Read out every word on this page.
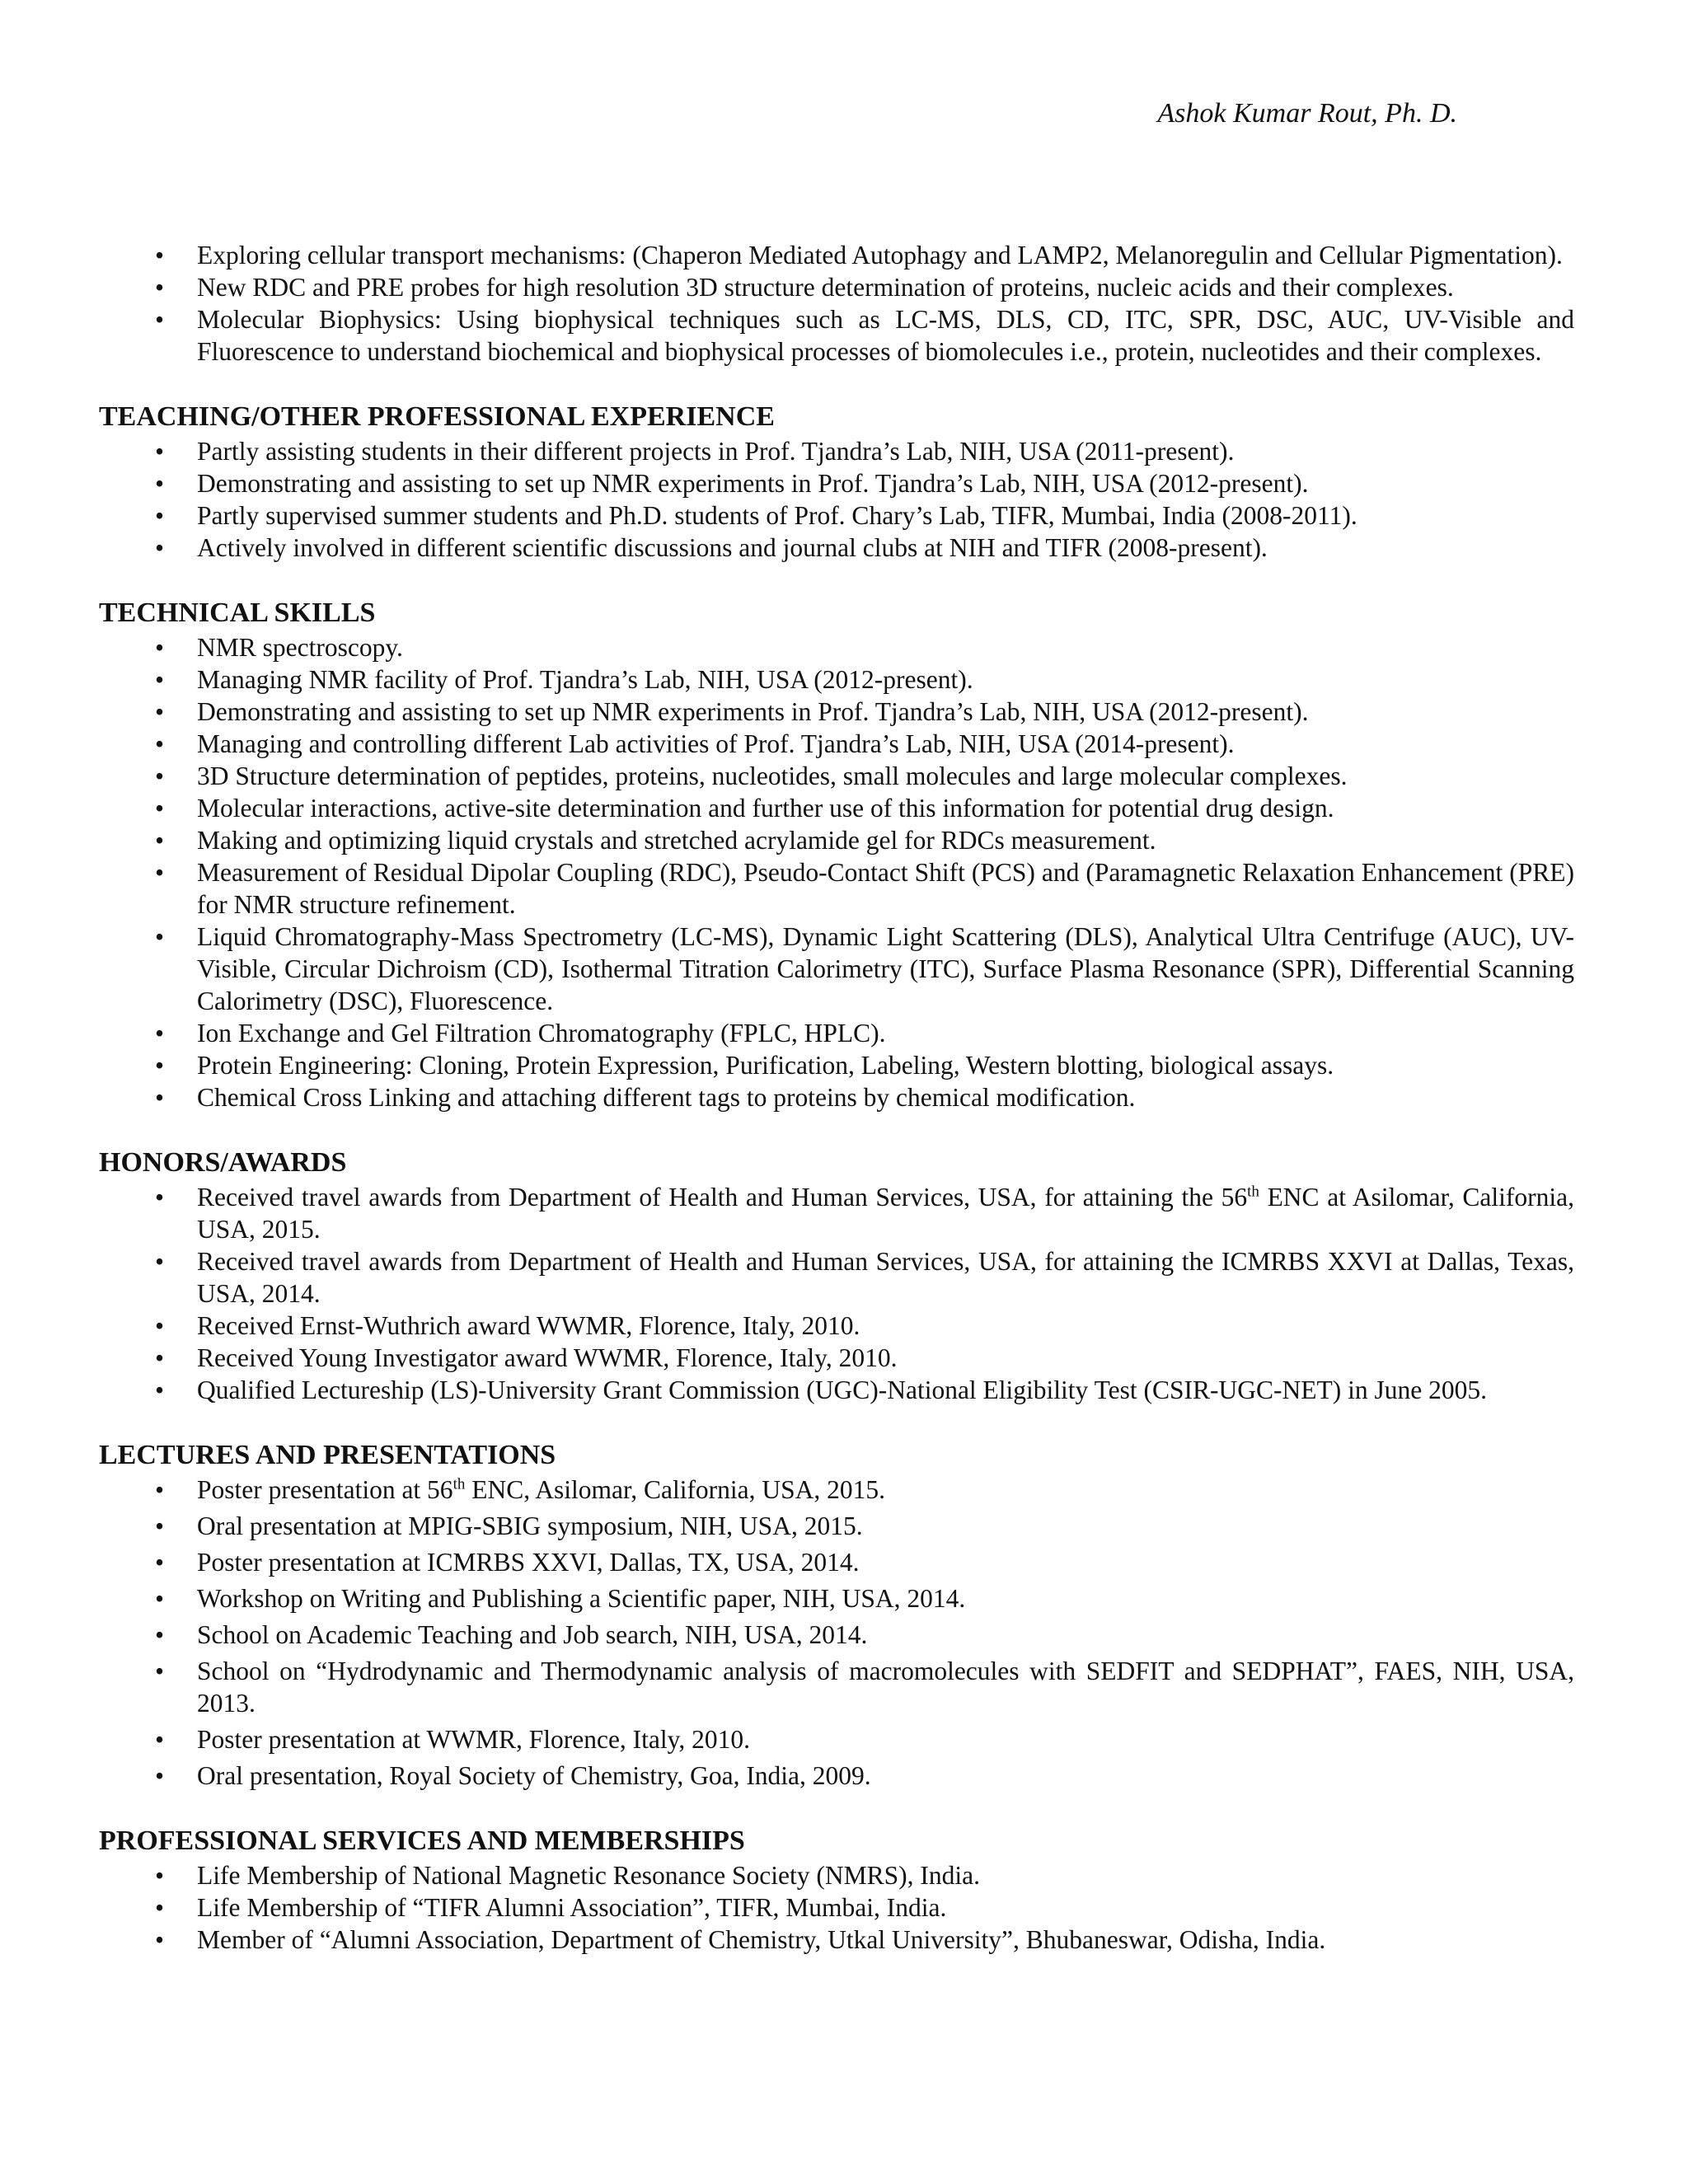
Ashok Kumar Rout, Ph. D.
• Exploring cellular transport mechanisms: (Chaperon Mediated Autophagy and LAMP2, Melanoregulin and Cellular Pigmentation).
• New RDC and PRE probes for high resolution 3D structure determination of proteins, nucleic acids and their complexes.
• Molecular Biophysics: Using biophysical techniques such as LC-MS, DLS, CD, ITC, SPR, DSC, AUC, UV-Visible and Fluorescence to understand biochemical and biophysical processes of biomolecules i.e., protein, nucleotides and their complexes.
TEACHING/OTHER PROFESSIONAL EXPERIENCE
• Partly assisting students in their different projects in Prof. Tjandra’s Lab, NIH, USA (2011-present).
• Demonstrating and assisting to set up NMR experiments in Prof. Tjandra’s Lab, NIH, USA (2012-present).
• Partly supervised summer students and Ph.D. students of Prof. Chary’s Lab, TIFR, Mumbai, India (2008-2011).
• Actively involved in different scientific discussions and journal clubs at NIH and TIFR (2008-present).
TECHNICAL SKILLS
• NMR spectroscopy.
• Managing NMR facility of Prof. Tjandra’s Lab, NIH, USA (2012-present).
• Demonstrating and assisting to set up NMR experiments in Prof. Tjandra’s Lab, NIH, USA (2012-present).
• Managing and controlling different Lab activities of Prof. Tjandra’s Lab, NIH, USA (2014-present).
• 3D Structure determination of peptides, proteins, nucleotides, small molecules and large molecular complexes.
• Molecular interactions, active-site determination and further use of this information for potential drug design.
• Making and optimizing liquid crystals and stretched acrylamide gel for RDCs measurement.
• Measurement of Residual Dipolar Coupling (RDC), Pseudo-Contact Shift (PCS) and (Paramagnetic Relaxation Enhancement (PRE) for NMR structure refinement.
• Liquid Chromatography-Mass Spectrometry (LC-MS), Dynamic Light Scattering (DLS), Analytical Ultra Centrifuge (AUC), UV-Visible, Circular Dichroism (CD), Isothermal Titration Calorimetry (ITC), Surface Plasma Resonance (SPR), Differential Scanning Calorimetry (DSC), Fluorescence.
• Ion Exchange and Gel Filtration Chromatography (FPLC, HPLC).
• Protein Engineering: Cloning, Protein Expression, Purification, Labeling, Western blotting, biological assays.
• Chemical Cross Linking and attaching different tags to proteins by chemical modification.
HONORS/AWARDS
• Received travel awards from Department of Health and Human Services, USA, for attaining the 56th ENC at Asilomar, California, USA, 2015.
• Received travel awards from Department of Health and Human Services, USA, for attaining the ICMRBS XXVI at Dallas, Texas, USA, 2014.
• Received Ernst-Wuthrich award WWMR, Florence, Italy, 2010.
• Received Young Investigator award WWMR, Florence, Italy, 2010.
• Qualified Lectureship (LS)-University Grant Commission (UGC)-National Eligibility Test (CSIR-UGC-NET) in June 2005.
LECTURES AND PRESENTATIONS
• Poster presentation at 56th ENC, Asilomar, California, USA, 2015.
• Oral presentation at MPIG-SBIG symposium, NIH, USA, 2015.
• Poster presentation at ICMRBS XXVI, Dallas, TX, USA, 2014.
• Workshop on Writing and Publishing a Scientific paper, NIH, USA, 2014.
• School on Academic Teaching and Job search, NIH, USA, 2014.
• School on “Hydrodynamic and Thermodynamic analysis of macromolecules with SEDFIT and SEDPHAT”, FAES, NIH, USA, 2013.
• Poster presentation at WWMR, Florence, Italy, 2010.
• Oral presentation, Royal Society of Chemistry, Goa, India, 2009.
PROFESSIONAL SERVICES AND MEMBERSHIPS
• Life Membership of National Magnetic Resonance Society (NMRS), India.
• Life Membership of “TIFR Alumni Association”, TIFR, Mumbai, India.
• Member of “Alumni Association, Department of Chemistry, Utkal University”, Bhubaneswar, Odisha, India.
